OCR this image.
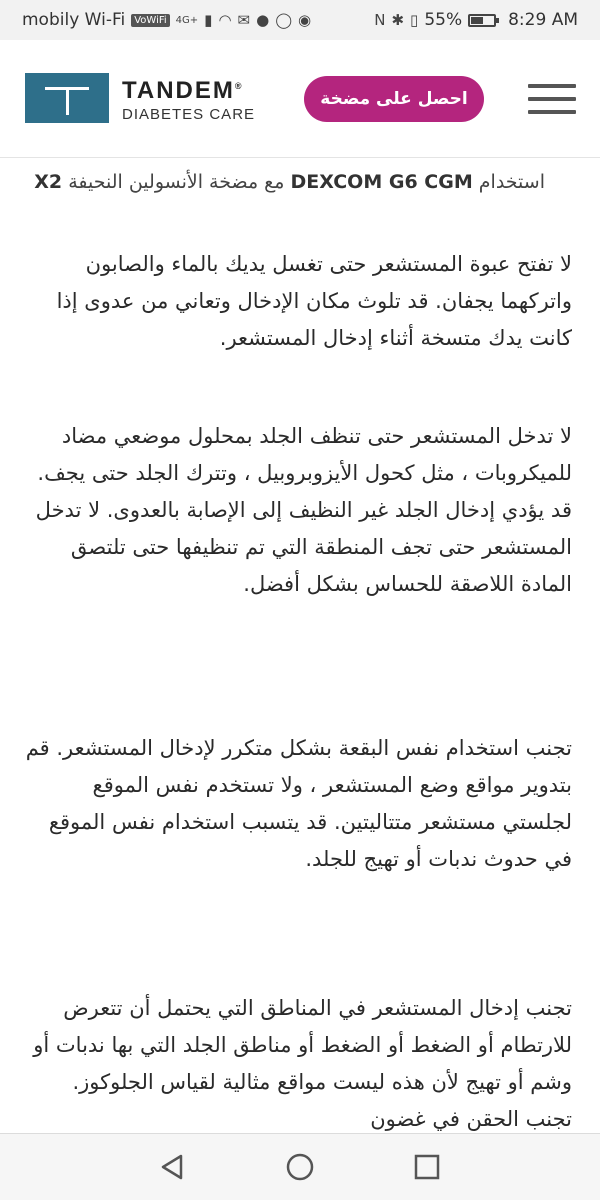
mobily Wi-Fi VoWiFi 4G+ ▮ ◠ ✉ ● ◯ ◉	N ✱ ▯ 55%	8:29 AM
TANDEM®
DIABETES CARE
احصل على مضخة
استخدام DEXCOM G6 CGM مع مضخة الأنسولين النحيفة X2

لا تفتح عبوة المستشعر حتى تغسل يديك بالماء والصابون واتركهما يجفان. قد تلوث مكان الإدخال وتعاني من عدوى إذا كانت يدك متسخة أثناء إدخال المستشعر.

لا تدخل المستشعر حتى تنظف الجلد بمحلول موضعي مضاد للميكروبات ، مثل كحول الأيزوبروبيل ، وتترك الجلد حتى يجف. قد يؤدي إدخال الجلد غير النظيف إلى الإصابة بالعدوى. لا تدخل المستشعر حتى تجف المنطقة التي تم تنظيفها حتى تلتصق المادة اللاصقة للحساس بشكل أفضل.

تجنب استخدام نفس البقعة بشكل متكرر لإدخال المستشعر. قم بتدوير مواقع وضع المستشعر ، ولا تستخدم نفس الموقع لجلستي مستشعر متتاليتين. قد يتسبب استخدام نفس الموقع في حدوث ندبات أو تهيج للجلد.

تجنب إدخال المستشعر في المناطق التي يحتمل أن تتعرض للارتطام أو الضغط أو الضغط أو مناطق الجلد التي بها ندبات أو وشم أو تهيج لأن هذه ليست مواقع مثالية لقياس الجلوكوز. تجنب الحقن في غضون
